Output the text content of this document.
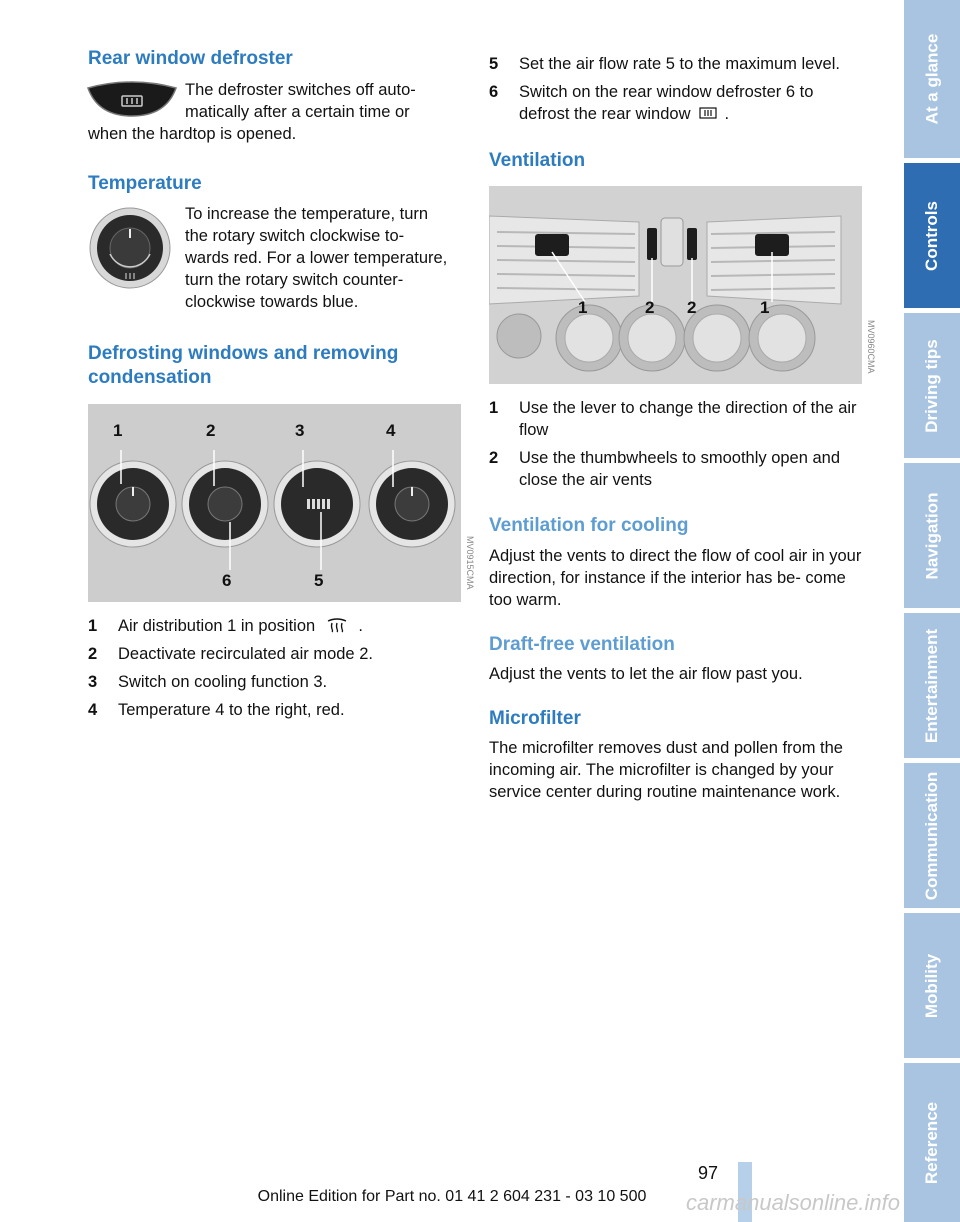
Rear window defroster
The defroster switches off auto-
matically after a certain time or
when the hardtop is opened.
Temperature
To increase the temperature, turn
the rotary switch clockwise to-
wards red. For a lower temperature,
turn the rotary switch counter-
clockwise towards blue.
Defrosting windows and removing
condensation
1	2	3	4
6	5	MV0915CMA
1 Air distribution 1 in position	.
2 Deactivate recirculated air mode 2.
3 Switch on cooling function 3.
4 Temperature 4 to the right, red.
5 Set the air flow rate 5 to the maximum level.
6 Switch on the rear window defroster 6 to
defrost the rear window .
Ventilation
1	2 2	1
MV0960CMA
1 Use the lever to change the direction of the air flow
2 Use the thumbwheels to smoothly open and close the air vents
Ventilation for cooling
Adjust the vents to direct the flow of cool air in your direction, for instance if the interior has be- come too warm.
Draft-free ventilation
Adjust the vents to let the air flow past you.
Microfilter
The microfilter removes dust and pollen from the incoming air. The microfilter is changed by your service center during routine maintenance work.
At a glance
Controls
Driving tips
Navigation
Entertainment
Communication
Mobility
Reference
97
Online Edition for Part no. 01 41 2 604 231 - 03 10 500	carmanualsonline.info
